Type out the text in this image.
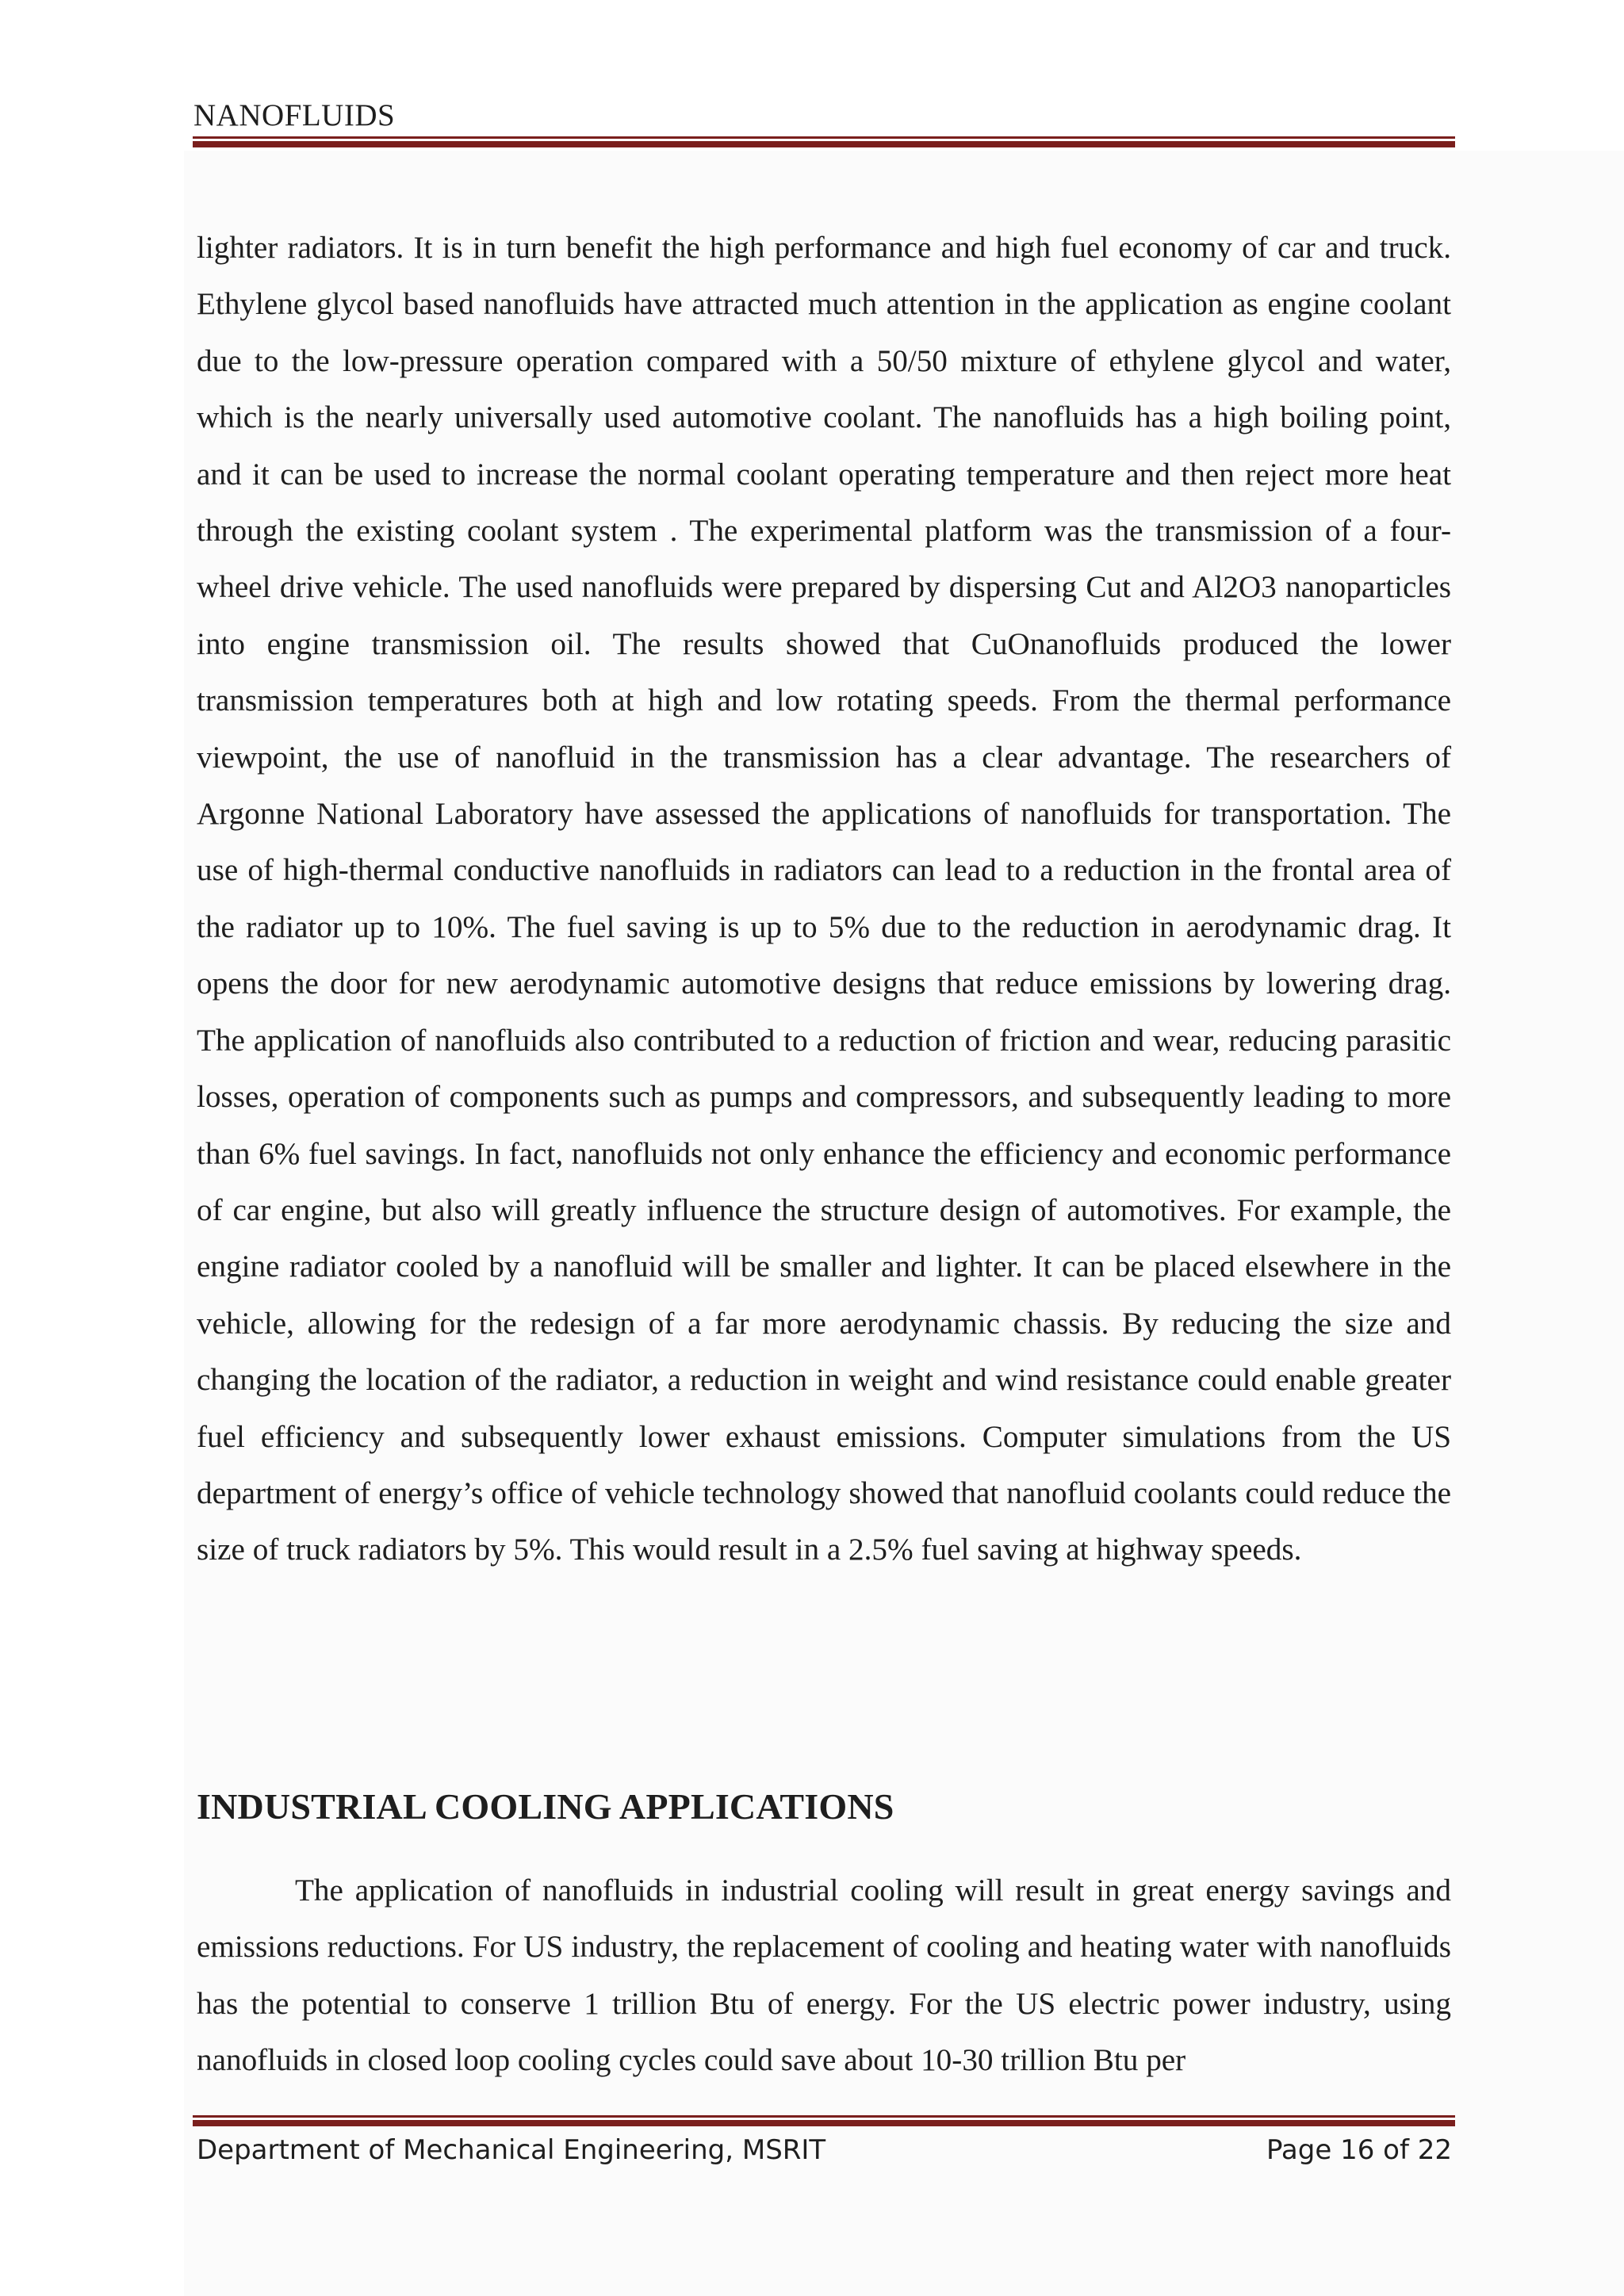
NANOFLUIDS

lighter radiators. It is in turn benefit the high performance and high fuel economy of car and truck. Ethylene glycol based nanofluids have attracted much attention in the application as engine coolant due to the low-pressure operation compared with a 50/50 mixture of ethylene glycol and water, which is the nearly universally used automotive coolant. The nanofluids has a high boiling point, and it can be used to increase the normal coolant operating temperature and then reject more heat through the existing coolant system . The experimental platform was the transmission of a four-wheel drive vehicle. The used nanofluids were prepared by dispersing Cut and Al2O3 nanoparticles into engine transmission oil. The results showed that CuOnanofluids produced the lower transmission temperatures both at high and low rotating speeds. From the thermal performance viewpoint, the use of nanofluid in the transmission has a clear advantage. The researchers of Argonne National Laboratory have assessed the applications of nanofluids for transportation. The use of high-thermal conductive nanofluids in radiators can lead to a reduction in the frontal area of the radiator up to 10%. The fuel saving is up to 5% due to the reduction in aerodynamic drag. It opens the door for new aerodynamic automotive designs that reduce emissions by lowering drag. The application of nanofluids also contributed to a reduction of friction and wear, reducing parasitic losses, operation of components such as pumps and compressors, and subsequently leading to more than 6% fuel savings. In fact, nanofluids not only enhance the efficiency and economic performance of car engine, but also will greatly influence the structure design of automotives. For example, the engine radiator cooled by a nanofluid will be smaller and lighter. It can be placed elsewhere in the vehicle, allowing for the redesign of a far more aerodynamic chassis. By reducing the size and changing the location of the radiator, a reduction in weight and wind resistance could enable greater fuel efficiency and subsequently lower exhaust emissions. Computer simulations from the US department of energy’s office of vehicle technology showed that nanofluid coolants could reduce the size of truck radiators by 5%. This would result in a 2.5% fuel saving at highway speeds.

INDUSTRIAL COOLING APPLICATIONS

The application of nanofluids in industrial cooling will result in great energy savings and emissions reductions. For US industry, the replacement of cooling and heating water with nanofluids has the potential to conserve 1 trillion Btu of energy. For the US electric power industry, using nanofluids in closed loop cooling cycles could save about 10-30 trillion Btu per

Department of Mechanical Engineering, MSRIT	Page 16 of 22
